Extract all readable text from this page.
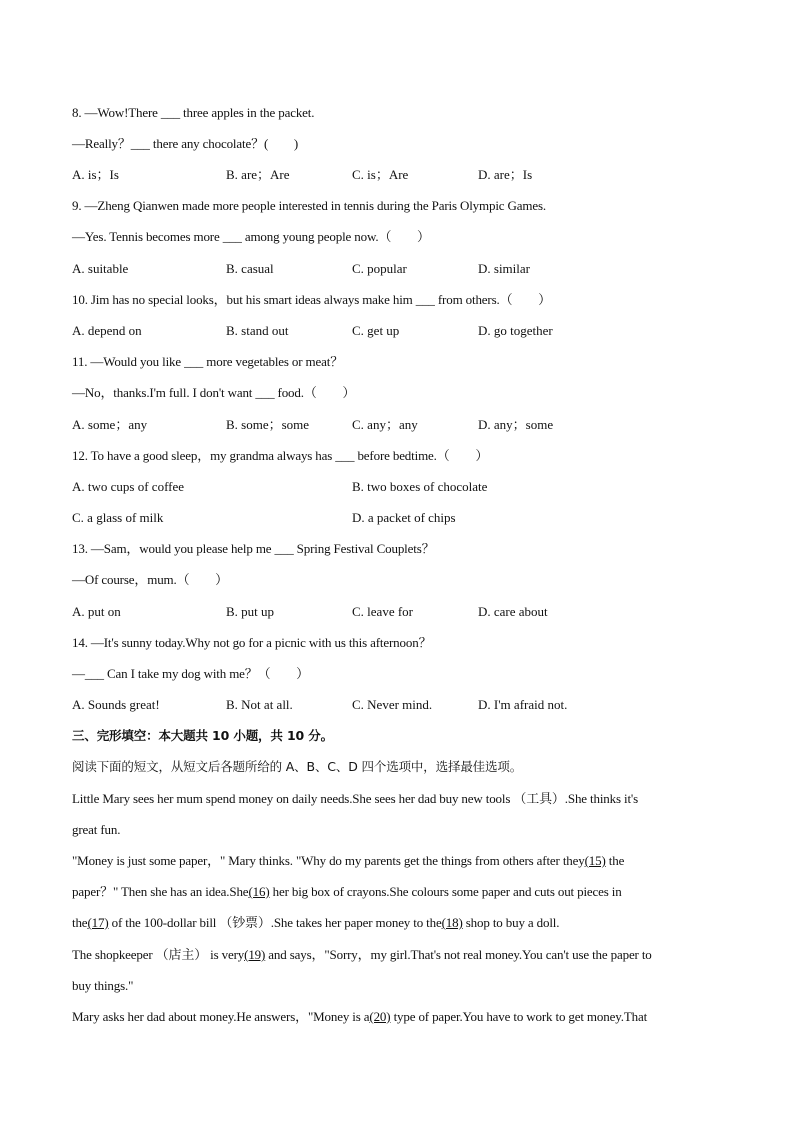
8. —Wow!There ___ three apples in the packet.
—Really？___ there any chocolate？(　　)
A. is；Is	B. are；Are	C. is；Are	D. are；Is
9. —Zheng Qianwen made more people interested in tennis during the Paris Olympic Games.
—Yes. Tennis becomes more ___ among young people now.（　　）
A. suitable	B. casual	C. popular	D. similar
10. Jim has no special looks，but his smart ideas always make him ___ from others.（　　）
A. depend on	B. stand out	C. get up	D. go together
11. —Would you like ___ more vegetables or meat？
—No，thanks.I'm full. I don't want ___ food.（　　）
A. some；any	B. some；some	C. any；any	D. any；some
12. To have a good sleep，my grandma always has ___ before bedtime.（　　）
A. two cups of coffee	B. two boxes of chocolate
C. a glass of milk	D. a packet of chips
13. —Sam，would you please help me ___ Spring Festival Couplets？
—Of course，mum.（　　）
A. put on	B. put up	C. leave for	D. care about
14. —It's sunny today.Why not go for a picnic with us this afternoon？
—___ Can I take my dog with me？（　　）
A. Sounds great!	B. Not at all.	C. Never mind.	D. I'm afraid not.
三、完形填空：本大题共 10 小题，共 10 分。
阅读下面的短文，从短文后各题所给的 A、B、C、D 四个选项中，选择最佳选项。
Little Mary sees her mum spend money on daily needs.She sees her dad buy new tools （工具）.She thinks it's
great fun.
"Money is just some paper，" Mary thinks. "Why do my parents get the things from others after they(15) the
paper？" Then she has an idea.She(16) her big box of crayons.She colours some paper and cuts out pieces in
the(17) of the 100-dollar bill （钞票）.She takes her paper money to the(18) shop to buy a doll.
The shopkeeper （店主） is very(19) and says，"Sorry，my girl.That's not real money.You can't use the paper to
buy things."
Mary asks her dad about money.He answers，"Money is a(20) type of paper.You have to work to get money.That
